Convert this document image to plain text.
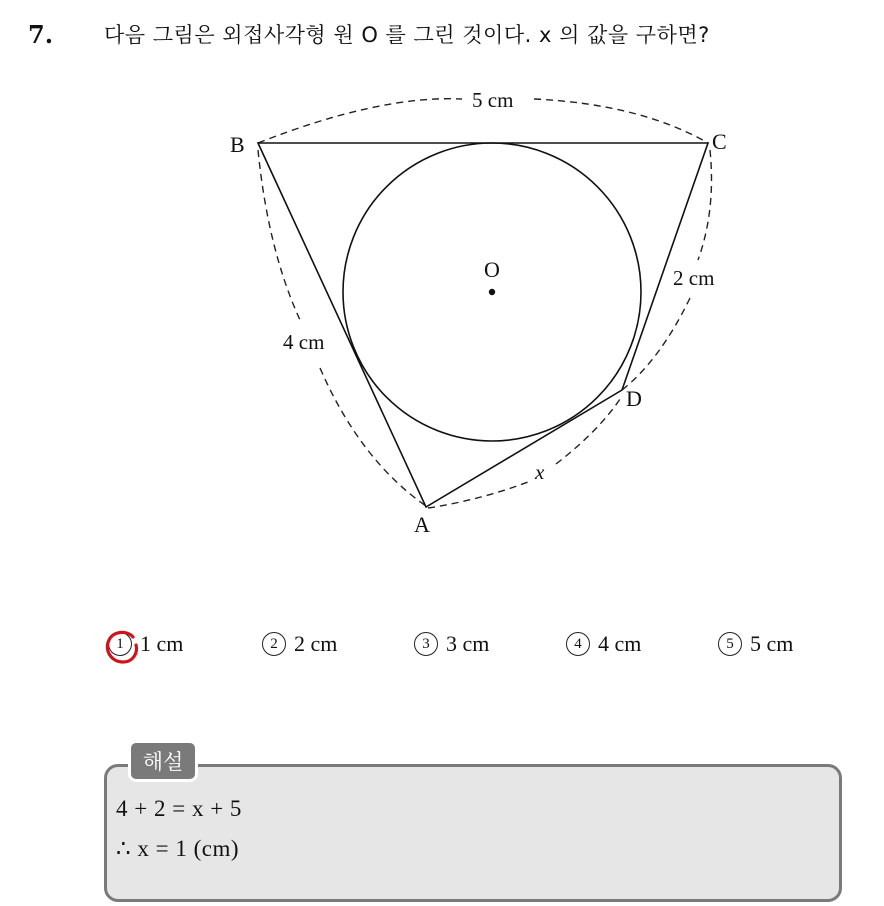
7.	다음 그림은 외접사각형 원 O 를 그린 것이다. x 의 값을 구하면?
B	C
D
A
O
5 cm
4 cm
2 cm
x
1 1 cm	2 2 cm	3 3 cm	4 4 cm	5 5 cm
해설
4 + 2 = x + 5
∴ x = 1 (cm)
